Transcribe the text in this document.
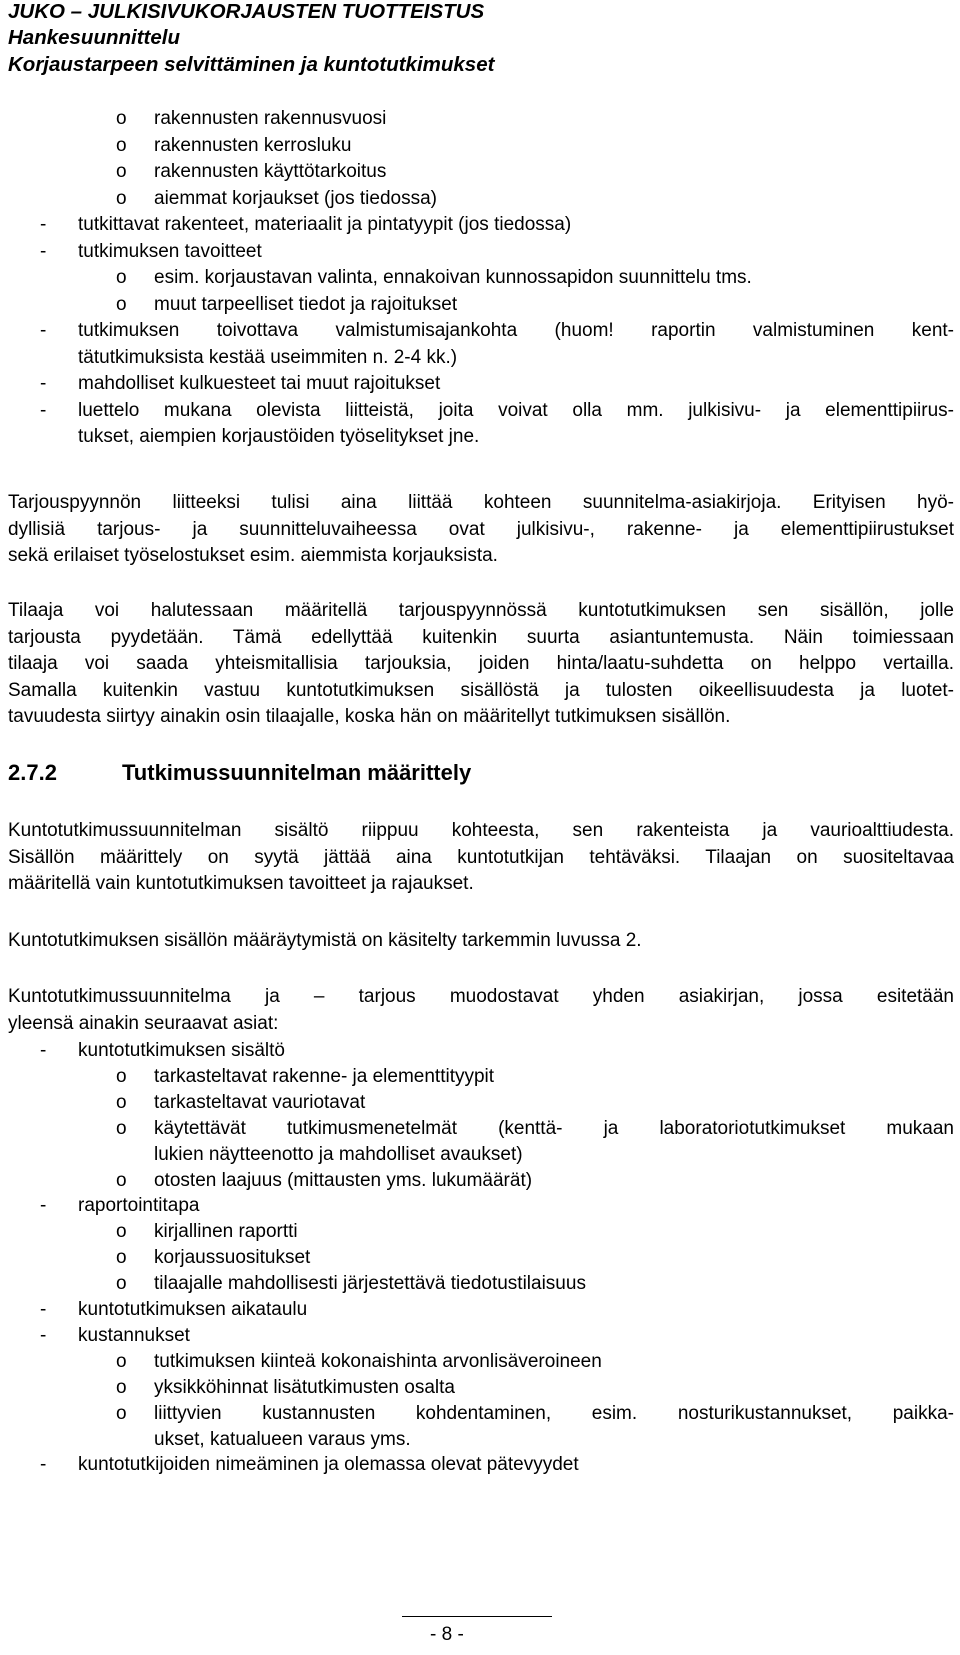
JUKO – JULKISIVUKORJAUSTEN TUOTTEISTUS
Hankesuunnittelu
Korjaustarpeen selvittäminen ja kuntotutkimukset
o rakennusten rakennusvuosi
o rakennusten kerrosluku
o rakennusten käyttötarkoitus
o aiemmat korjaukset (jos tiedossa)
- tutkittavat rakenteet, materiaalit ja pintatyypit (jos tiedossa)
- tutkimuksen tavoitteet
o esim. korjaustavan valinta, ennakoivan kunnossapidon suunnittelu tms.
o muut tarpeelliset tiedot ja rajoitukset
- tutkimuksen toivottava valmistumisajankohta (huom! raportin valmistuminen kent-
tätutkimuksista kestää useimmiten n. 2-4 kk.)
- mahdolliset kulkuesteet tai muut rajoitukset
- luettelo mukana olevista liitteistä, joita voivat olla mm. julkisivu- ja elementtipiirus-
tukset, aiempien korjaustöiden työselitykset jne.
Tarjouspyynnön liitteeksi tulisi aina liittää kohteen suunnitelma-asiakirjoja. Erityisen hyö-
dyllisiä tarjous- ja suunnitteluvaiheessa ovat julkisivu-, rakenne- ja elementtipiirustukset
sekä erilaiset työselostukset esim. aiemmista korjauksista.
Tilaaja voi halutessaan määritellä tarjouspyynnössä kuntotutkimuksen sen sisällön, jolle
tarjousta pyydetään. Tämä edellyttää kuitenkin suurta asiantuntemusta. Näin toimiessaan
tilaaja voi saada yhteismitallisia tarjouksia, joiden hinta/laatu-suhdetta on helppo vertailla.
Samalla kuitenkin vastuu kuntotutkimuksen sisällöstä ja tulosten oikeellisuudesta ja luotet-
tavuudesta siirtyy ainakin osin tilaajalle, koska hän on määritellyt tutkimuksen sisällön.
2.7.2	Tutkimussuunnitelman määrittely
Kuntotutkimussuunnitelman sisältö riippuu kohteesta, sen rakenteista ja vaurioalttiudesta.
Sisällön määrittely on syytä jättää aina kuntotutkijan tehtäväksi. Tilaajan on suositeltavaa
määritellä vain kuntotutkimuksen tavoitteet ja rajaukset.
Kuntotutkimuksen sisällön määräytymistä on käsitelty tarkemmin luvussa 2.
Kuntotutkimussuunnitelma ja – tarjous muodostavat yhden asiakirjan, jossa esitetään
yleensä ainakin seuraavat asiat:
- kuntotutkimuksen sisältö
o tarkasteltavat rakenne- ja elementtityypit
o tarkasteltavat vauriotavat
o käytettävät tutkimusmenetelmät (kenttä- ja laboratoriotutkimukset mukaan
lukien näytteenotto ja mahdolliset avaukset)
o otosten laajuus (mittausten yms. lukumäärät)
- raportointitapa
o kirjallinen raportti
o korjaussuositukset
o tilaajalle mahdollisesti järjestettävä tiedotustilaisuus
- kuntotutkimuksen aikataulu
- kustannukset
o tutkimuksen kiinteä kokonaishinta arvonlisäveroineen
o yksikköhinnat lisätutkimusten osalta
o liittyvien kustannusten kohdentaminen, esim. nosturikustannukset, paikka-
ukset, katualueen varaus yms.
- kuntotutkijoiden nimeäminen ja olemassa olevat pätevyydet
- 8 -
